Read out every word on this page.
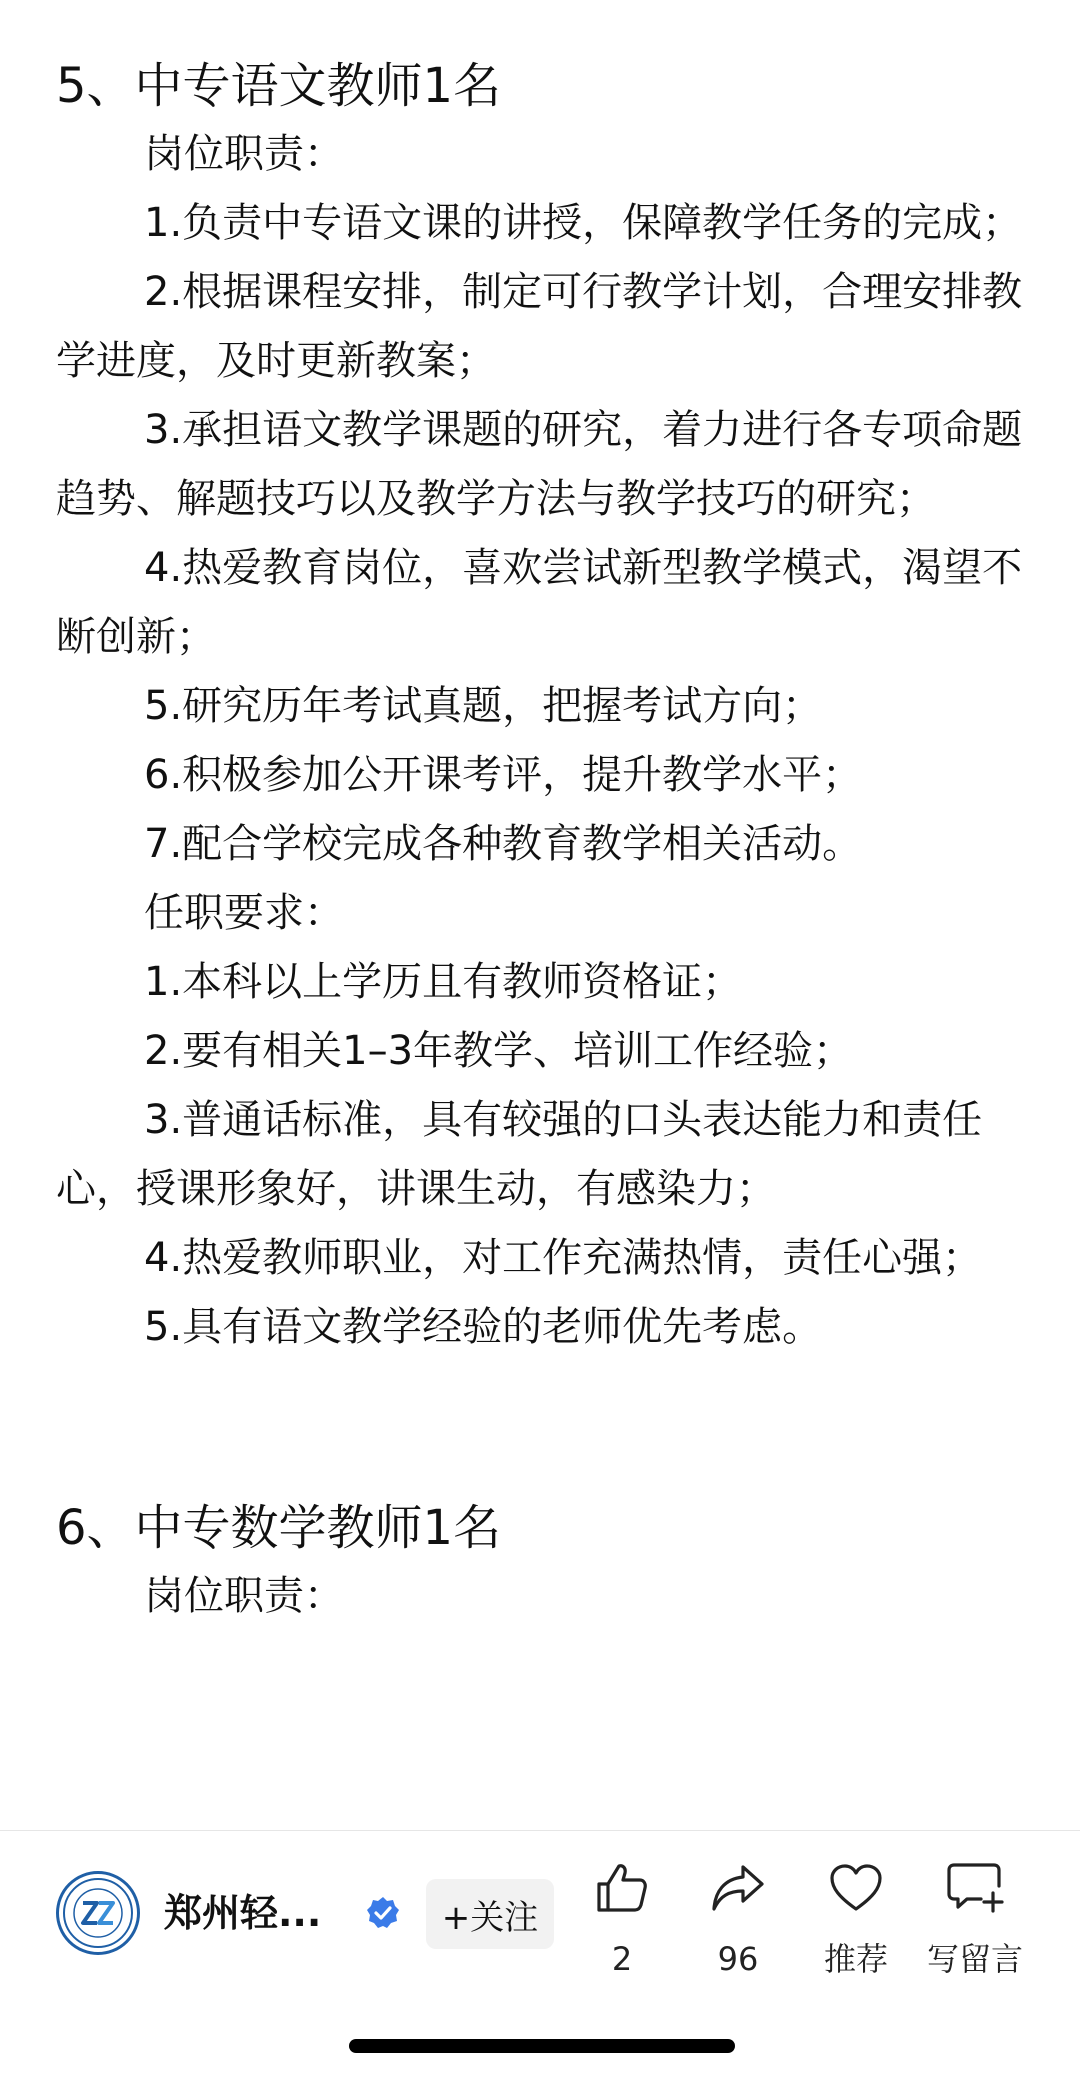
5、中专语文教师1名

岗位职责：

1.负责中专语文课的讲授，保障教学任务的完成；

2.根据课程安排，制定可行教学计划，合理安排教学进度，及时更新教案；

3.承担语文教学课题的研究，着力进行各专项命题趋势、解题技巧以及教学方法与教学技巧的研究；

4.热爱教育岗位，喜欢尝试新型教学模式，渴望不断创新；

5.研究历年考试真题，把握考试方向；

6.积极参加公开课考评，提升教学水平；

7.配合学校完成各种教育教学相关活动。

任职要求：

1.本科以上学历且有教师资格证；

2.要有相关1–3年教学、培训工作经验；

3.普通话标准，具有较强的口头表达能力和责任心，授课形象好，讲课生动，有感染力；

4.热爱教师职业，对工作充满热情，责任心强；

5.具有语文教学经验的老师优先考虑。

6、中专数学教师1名

岗位职责：

郑州轻...	+关注
2	96	推荐	写留言
